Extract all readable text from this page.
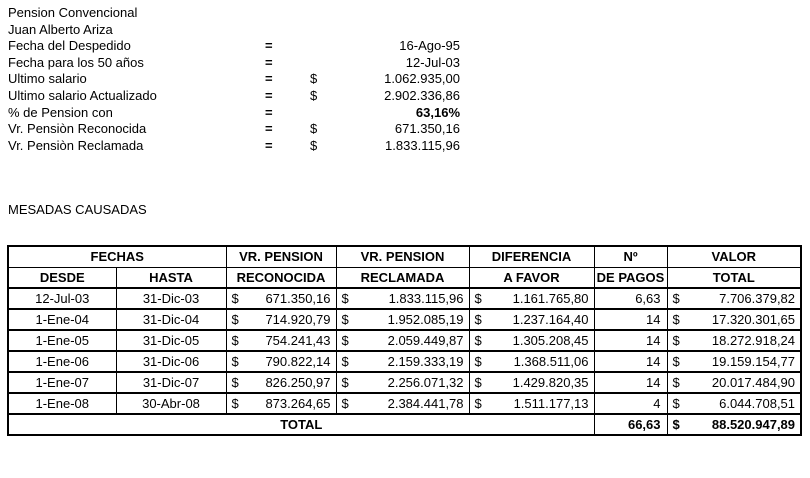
Pension Convencional
Juan Alberto Ariza
Fecha del Despedido	=	16-Ago-95
Fecha para los 50 años	=	12-Jul-03
Ultimo salario	=	$	1.062.935,00
Ultimo salario Actualizado	=	$	2.902.336,86
% de Pension con	=	63,16%
Vr. Pensiòn Reconocida	=	$	671.350,16
Vr. Pensiòn Reclamada	=	$	1.833.115,96
MESADAS CAUSADAS
FECHAS		VR. PENSION	VR. PENSION	DIFERENCIA	Nº	VALOR
DESDE	HASTA	RECONOCIDA	RECLAMADA	A FAVOR	DE PAGOS	TOTAL
12-Jul-03	31-Dic-03	$ 671.350,16	$ 1.833.115,96	$ 1.161.765,80	6,63	$ 7.706.379,82

1-Ene-04	31-Dic-04	$ 714.920,79	$ 1.952.085,19	$ 1.237.164,40	14	$ 17.320.301,65

1-Ene-05	31-Dic-05	$ 754.241,43	$ 2.059.449,87	$ 1.305.208,45	14	$ 18.272.918,24

1-Ene-06	31-Dic-06	$ 790.822,14	$ 2.159.333,19	$ 1.368.511,06	14	$ 19.159.154,77

1-Ene-07	31-Dic-07	$ 826.250,97	$ 2.256.071,32	$ 1.429.820,35	14	$ 20.017.484,90

1-Ene-08	30-Abr-08	$ 873.264,65	$ 2.384.441,78	$ 1.511.177,13	4	$ 6.044.708,51

TOTAL					66,63	$ 88.520.947,89
